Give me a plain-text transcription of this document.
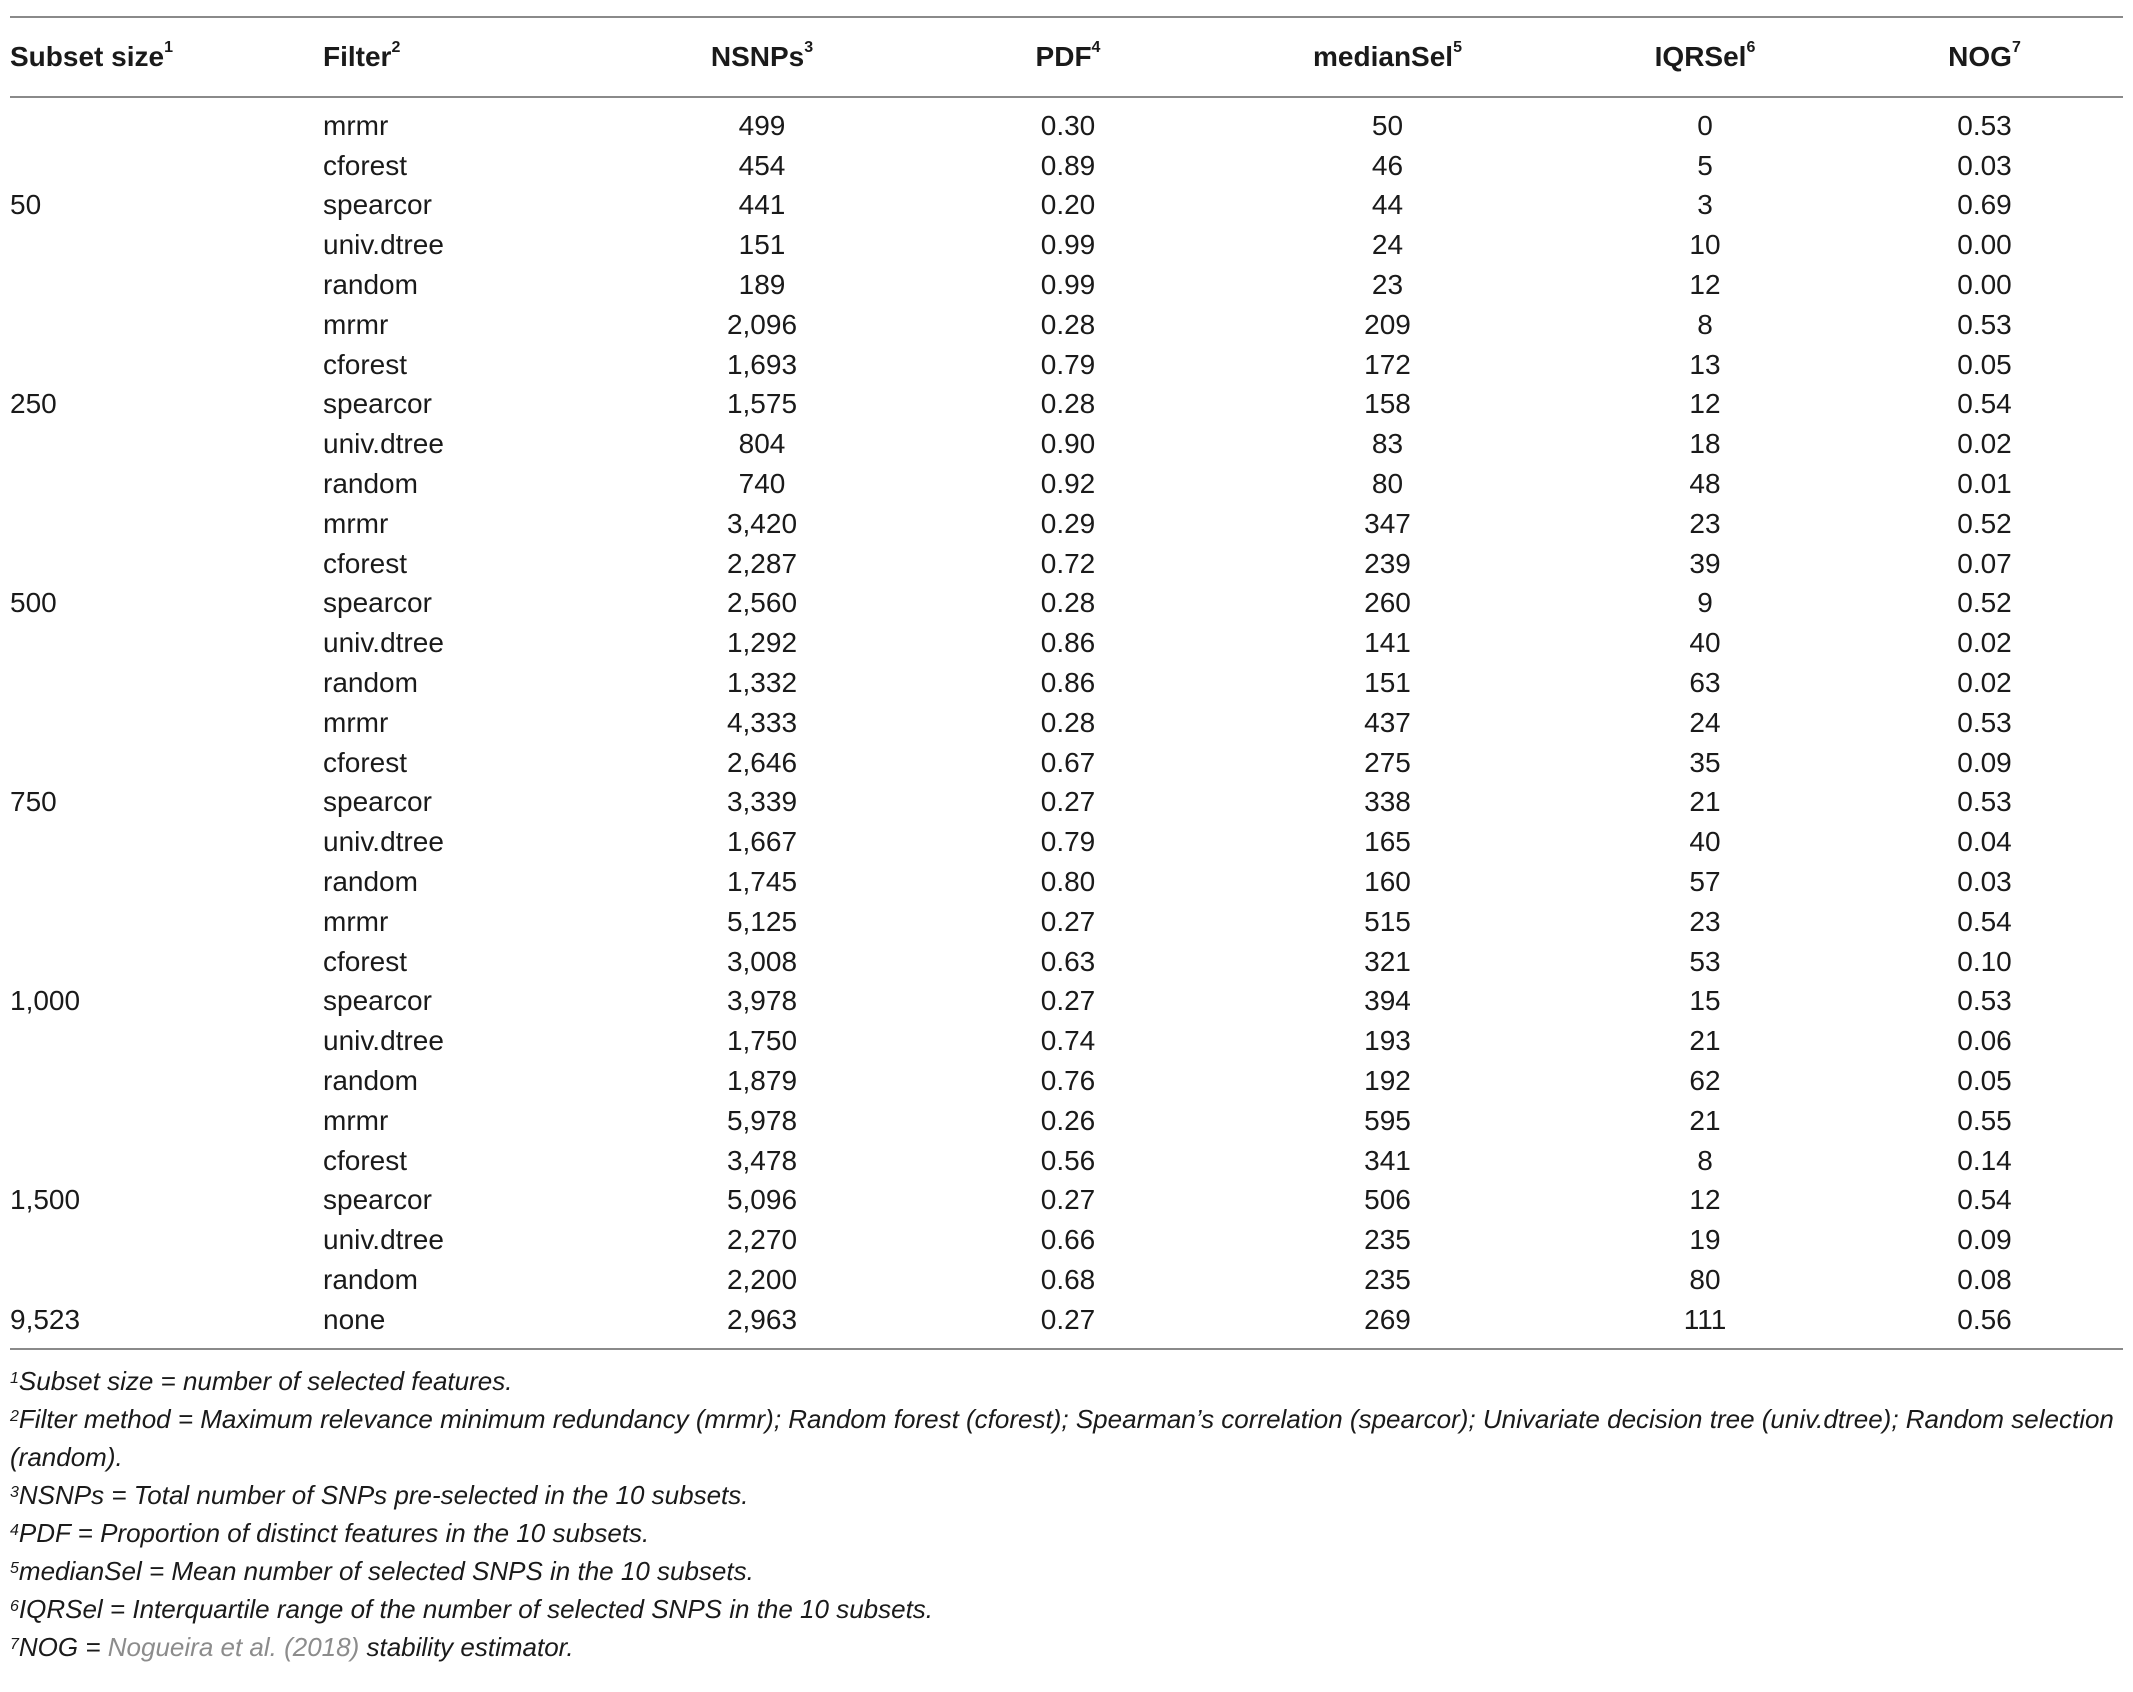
Subset size$^1$	Filter$^2$	NSNPs$^3$	PDF$^4$	medianSel$^5$	IQRSel$^6$	NOG$^7$
	mrmr	499	0.30	50	0	0.53
	cforest	454	0.89	46	5	0.03
50	spearcor	441	0.20	44	3	0.69
	univ.dtree	151	0.99	24	10	0.00
	random	189	0.99	23	12	0.00
	mrmr	2,096	0.28	209	8	0.53
	cforest	1,693	0.79	172	13	0.05
250	spearcor	1,575	0.28	158	12	0.54
	univ.dtree	804	0.90	83	18	0.02
	random	740	0.92	80	48	0.01
	mrmr	3,420	0.29	347	23	0.52
	cforest	2,287	0.72	239	39	0.07
500	spearcor	2,560	0.28	260	9	0.52
	univ.dtree	1,292	0.86	141	40	0.02
	random	1,332	0.86	151	63	0.02
	mrmr	4,333	0.28	437	24	0.53
	cforest	2,646	0.67	275	35	0.09
750	spearcor	3,339	0.27	338	21	0.53
	univ.dtree	1,667	0.79	165	40	0.04
	random	1,745	0.80	160	57	0.03
	mrmr	5,125	0.27	515	23	0.54
	cforest	3,008	0.63	321	53	0.10
1,000	spearcor	3,978	0.27	394	15	0.53
	univ.dtree	1,750	0.74	193	21	0.06
	random	1,879	0.76	192	62	0.05
	mrmr	5,978	0.26	595	21	0.55
	cforest	3,478	0.56	341	8	0.14
1,500	spearcor	5,096	0.27	506	12	0.54
	univ.dtree	2,270	0.66	235	19	0.09
	random	2,200	0.68	235	80	0.08
9,523	none	2,963	0.27	269	111	0.56

$^1$Subset size = number of selected features.

$^2$Filter method = Maximum relevance minimum redundancy (mrmr); Random forest (cforest); Spearman’s correlation (spearcor); Univariate decision tree (univ.dtree); Random selection (random).

$^3$NSNPs = Total number of SNPs pre-selected in the 10 subsets.

$^4$PDF = Proportion of distinct features in the 10 subsets.

$^5$medianSel = Mean number of selected SNPS in the 10 subsets.

$^6$IQRSel = Interquartile range of the number of selected SNPS in the 10 subsets.

$^7$NOG = Nogueira et al. (2018) stability estimator.
